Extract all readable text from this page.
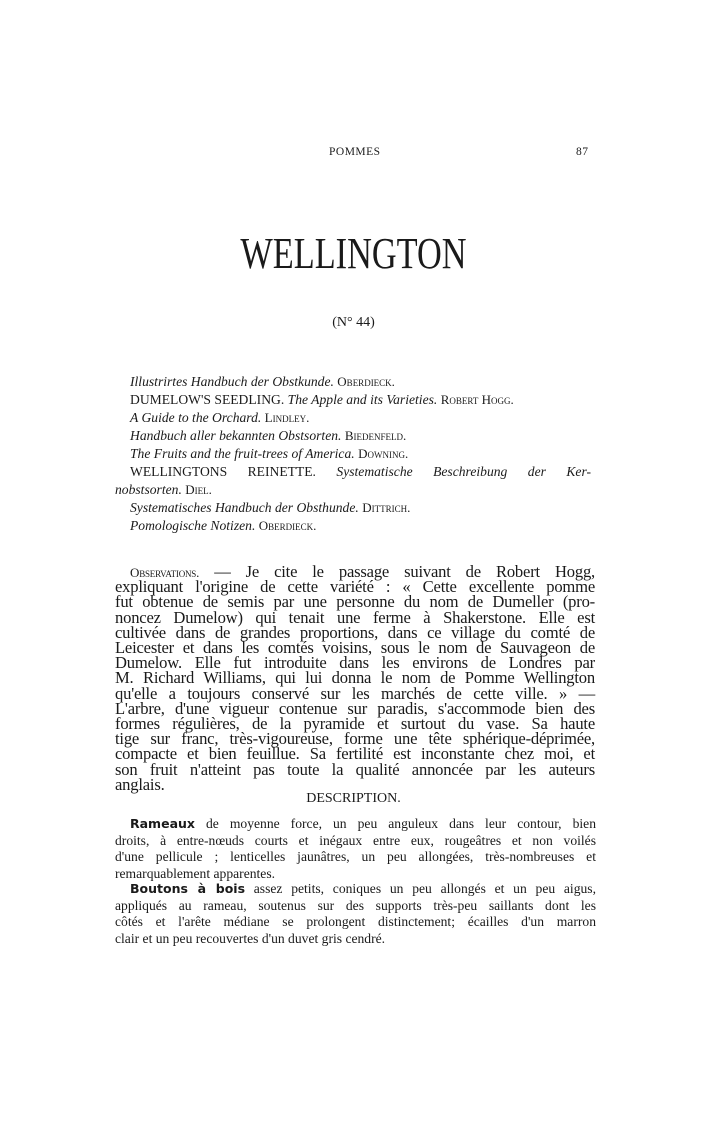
POMMES	87
WELLINGTON
(N° 44)
Illustrirtes Handbuch der Obstkunde. Oberdieck.
DUMELOW'S SEEDLING. The Apple and its Varieties. Robert Hogg.
A Guide to the Orchard. Lindley.
Handbuch aller bekannten Obstsorten. Biedenfeld.
The Fruits and the fruit-trees of America. Downing.
WELLINGTONS REINETTE. Systematische Beschreibung der Ker-
nobstsorten. Diel.
Systematisches Handbuch der Obsthunde. Dittrich.
Pomologische Notizen. Oberdieck.
Observations. — Je cite le passage suivant de Robert Hogg,
expliquant l'origine de cette variété : « Cette excellente pomme
fut obtenue de semis par une personne du nom de Dumeller (pro-
noncez Dumelow) qui tenait une ferme à Shakerstone. Elle est
cultivée dans de grandes proportions, dans ce village du comté de
Leicester et dans les comtés voisins, sous le nom de Sauvageon de
Dumelow. Elle fut introduite dans les environs de Londres par
M. Richard Williams, qui lui donna le nom de Pomme Wellington
qu'elle a toujours conservé sur les marchés de cette ville. » —
L'arbre, d'une vigueur contenue sur paradis, s'accommode bien des
formes régulières, de la pyramide et surtout du vase. Sa haute
tige sur franc, très-vigoureuse, forme une tête sphérique-déprimée,
compacte et bien feuillue. Sa fertilité est inconstante chez moi, et
son fruit n'atteint pas toute la qualité annoncée par les auteurs
anglais.
DESCRIPTION.
Rameaux de moyenne force, un peu anguleux dans leur contour, bien
droits, à entre-nœuds courts et inégaux entre eux, rougeâtres et non voilés
d'une pellicule ; lenticelles jaunâtres, un peu allongées, très-nombreuses et
remarquablement apparentes.
Boutons à bois assez petits, coniques un peu allongés et un peu aigus,
appliqués au rameau, soutenus sur des supports très-peu saillants dont les
côtés et l'arête médiane se prolongent distinctement; écailles d'un marron
clair et un peu recouvertes d'un duvet gris cendré.
